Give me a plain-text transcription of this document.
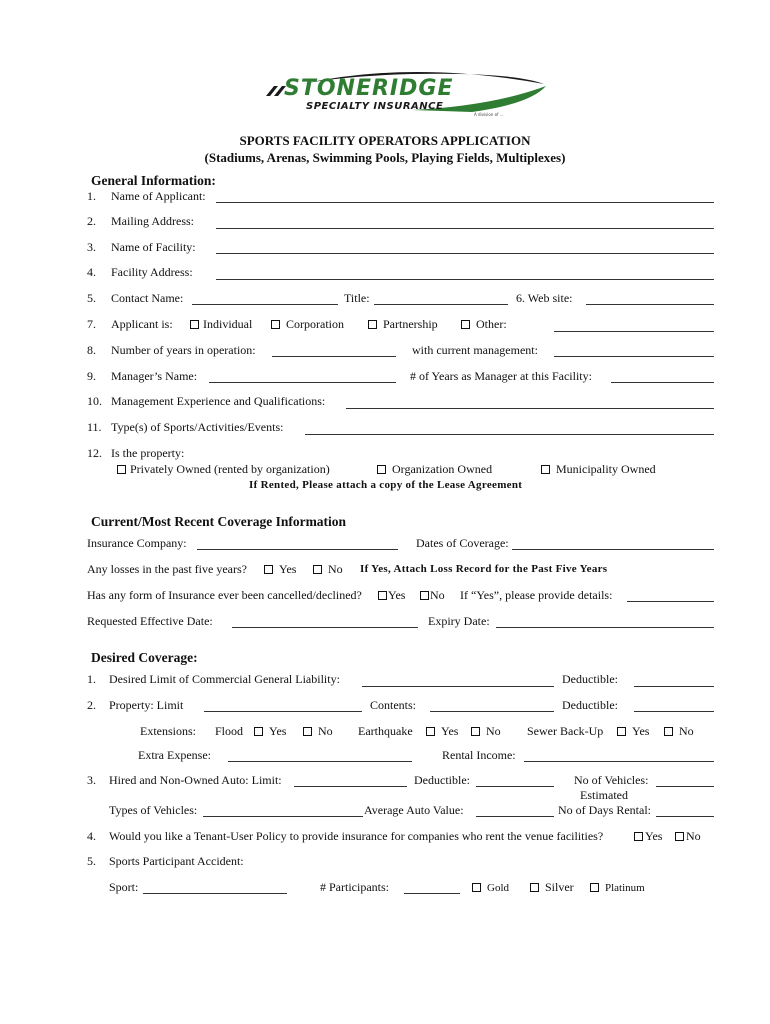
STONERIDGE
SPECIALTY INSURANCE
A division of ...
SPORTS FACILITY OPERATORS APPLICATION
(Stadiums, Arenas, Swimming Pools, Playing Fields, Multiplexes)
General Information:
1. Name of Applicant:
2. Mailing Address:
3. Name of Facility:
4. Facility Address:
5. Contact Name:	Title:	6. Web site:
7. Applicant is:	Individual	Corporation	Partnership	Other:
8. Number of years in operation:	with current management:
9. Manager’s Name:	# of Years as Manager at this Facility:
10. Management Experience and Qualifications:
11. Type(s) of Sports/Activities/Events:
12. Is the property:
Privately Owned (rented by organization)	Organization Owned	Municipality Owned
If Rented, Please attach a copy of the Lease Agreement
Current/Most Recent Coverage Information
Insurance Company:	Dates of Coverage:
Any losses in the past five years?	Yes	No If Yes, Attach Loss Record for the Past Five Years
Has any form of Insurance ever been cancelled/declined?	Yes	No If “Yes”, please provide details:
Requested Effective Date:	Expiry Date:
Desired Coverage:
1. Desired Limit of Commercial General Liability:	Deductible:
2. Property: Limit	Contents:	Deductible:
Extensions: Flood	Yes	No Earthquake	Yes	No Sewer Back-Up	Yes	No
Extra Expense:	Rental Income:
3. Hired and Non-Owned Auto: Limit:	Deductible:	No of Vehicles:
Estimated
Types of Vehicles:	Average Auto Value:	No of Days Rental:
4. Would you like a Tenant-User Policy to provide insurance for companies who rent the venue facilities?	Yes	No
5. Sports Participant Accident:
Sport:	# Participants:	Gold	Silver	Platinum
